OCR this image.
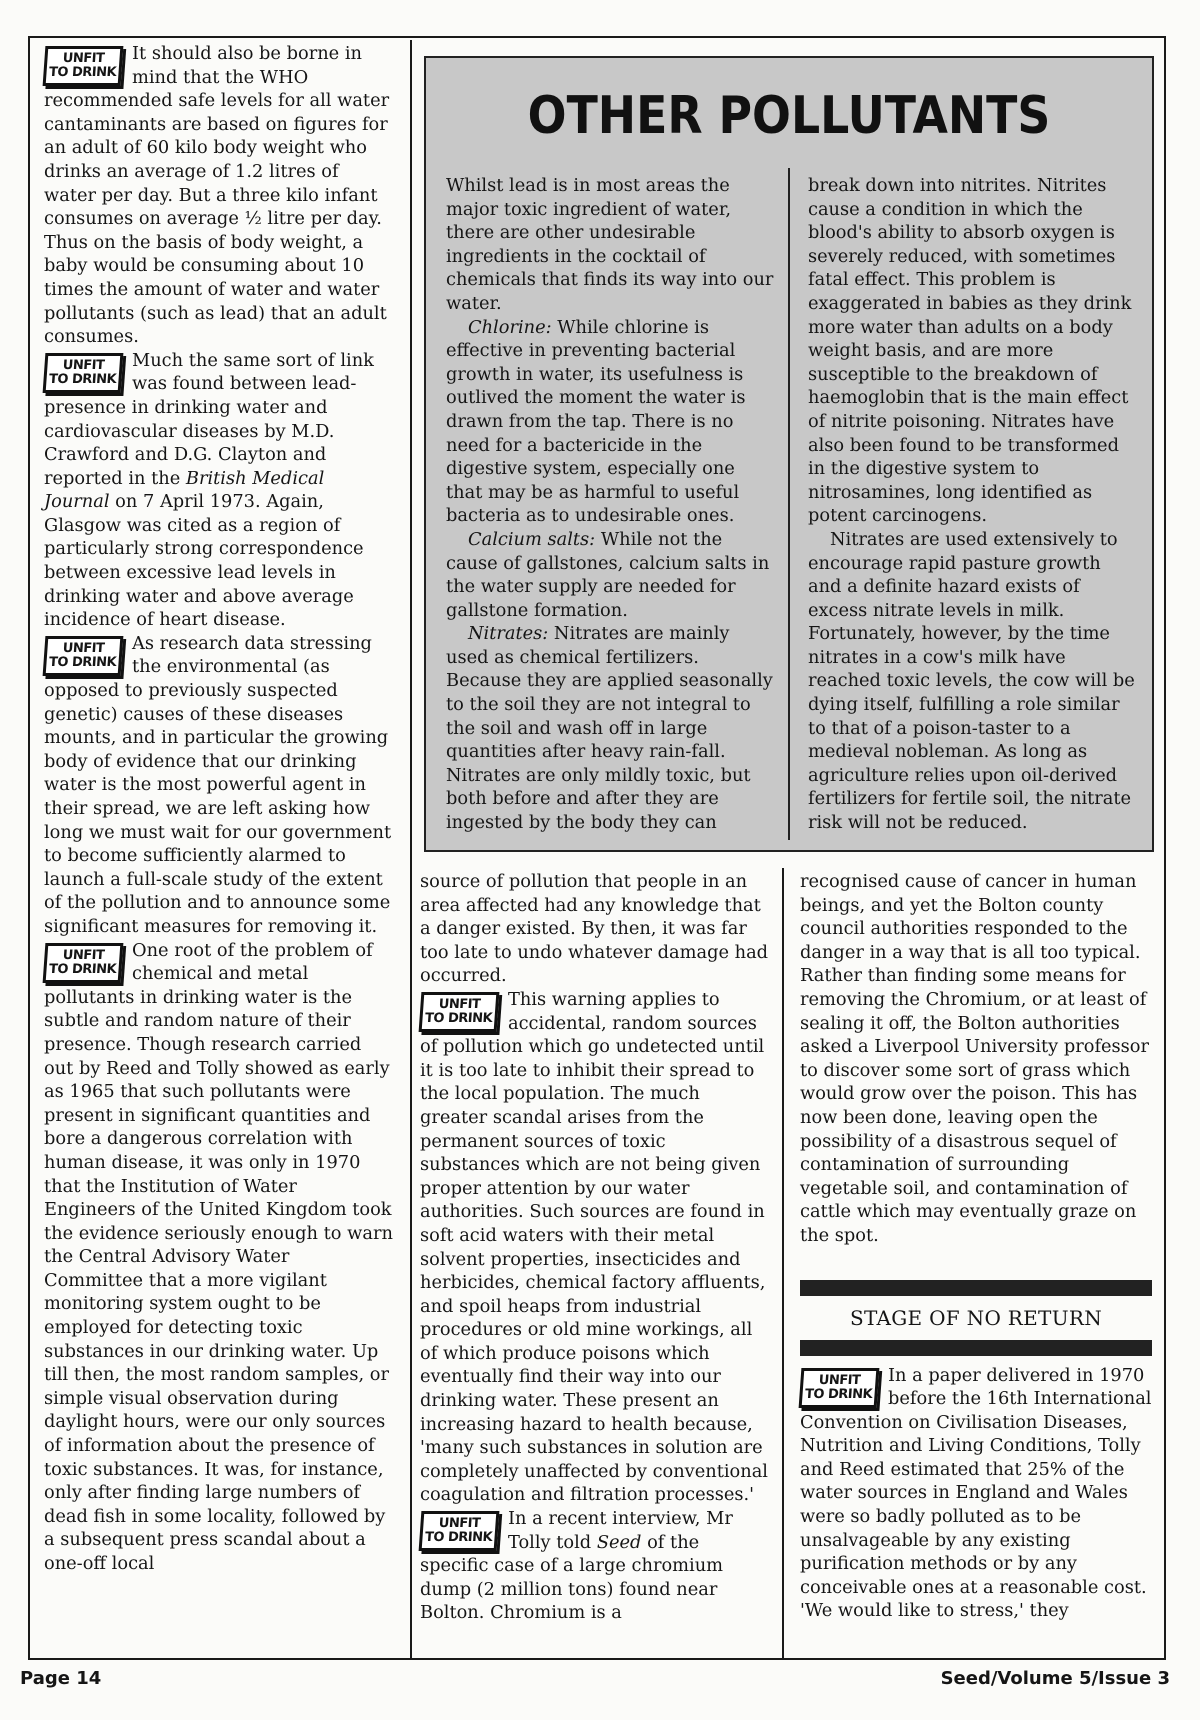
UNFIT
TO DRINK
It should also be borne in mind that the WHO recommended safe levels for all water cantaminants are based on figures for an adult of 60 kilo body weight who drinks an average of 1.2 litres of water per day. But a three kilo infant consumes on average ½ litre per day. Thus on the basis of body weight, a baby would be consuming about 10 times the amount of water and water pollutants (such as lead) that an adult consumes.

UNFIT
TO DRINK
Much the same sort of link was found between lead-presence in drinking water and cardiovascular diseases by M.D. Crawford and D.G. Clayton and reported in the British Medical Journal on 7 April 1973. Again, Glasgow was cited as a region of particularly strong correspondence between excessive lead levels in drinking water and above average incidence of heart disease.

UNFIT
TO DRINK
As research data stressing the environmental (as opposed to previously suspected genetic) causes of these diseases mounts, and in particular the growing body of evidence that our drinking water is the most powerful agent in their spread, we are left asking how long we must wait for our government to become sufficiently alarmed to launch a full-scale study of the extent of the pollution and to announce some significant measures for removing it.

UNFIT
TO DRINK
One root of the problem of chemical and metal pollutants in drinking water is the subtle and random nature of their presence. Though research carried out by Reed and Tolly showed as early as 1965 that such pollutants were present in significant quantities and bore a dangerous correlation with human disease, it was only in 1970 that the Institution of Water Engineers of the United Kingdom took the evidence seriously enough to warn the Central Advisory Water Committee that a more vigilant monitoring system ought to be employed for detecting toxic substances in our drinking water. Up till then, the most random samples, or simple visual observation during daylight hours, were our only sources of information about the presence of toxic substances. It was, for instance, only after finding large numbers of dead fish in some locality, followed by a subsequent press scandal about a one-off local

OTHER POLLUTANTS

Whilst lead is in most areas the major toxic ingredient of water, there are other undesirable ingredients in the cocktail of chemicals that finds its way into our water.

Chlorine: While chlorine is effective in preventing bacterial growth in water, its usefulness is outlived the moment the water is drawn from the tap. There is no need for a bactericide in the digestive system, especially one that may be as harmful to useful bacteria as to undesirable ones.

Calcium salts: While not the cause of gallstones, calcium salts in the water supply are needed for gallstone formation.

Nitrates: Nitrates are mainly used as chemical fertilizers. Because they are applied seasonally to the soil they are not integral to the soil and wash off in large quantities after heavy rain-fall. Nitrates are only mildly toxic, but both before and after they are ingested by the body they can

break down into nitrites. Nitrites cause a condition in which the blood's ability to absorb oxygen is severely reduced, with sometimes fatal effect. This problem is exaggerated in babies as they drink more water than adults on a body weight basis, and are more susceptible to the breakdown of haemoglobin that is the main effect of nitrite poisoning. Nitrates have also been found to be transformed in the digestive system to nitrosamines, long identified as potent carcinogens.

Nitrates are used extensively to encourage rapid pasture growth and a definite hazard exists of excess nitrate levels in milk. Fortunately, however, by the time nitrates in a cow's milk have reached toxic levels, the cow will be dying itself, fulfilling a role similar to that of a poison-taster to a medieval nobleman. As long as agriculture relies upon oil-derived fertilizers for fertile soil, the nitrate risk will not be reduced.

source of pollution that people in an area affected had any knowledge that a danger existed. By then, it was far too late to undo whatever damage had occurred.

UNFIT
TO DRINK
This warning applies to accidental, random sources of pollution which go undetected until it is too late to inhibit their spread to the local population. The much greater scandal arises from the permanent sources of toxic substances which are not being given proper attention by our water authorities. Such sources are found in soft acid waters with their metal solvent properties, insecticides and herbicides, chemical factory affluents, and spoil heaps from industrial procedures or old mine workings, all of which produce poisons which eventually find their way into our drinking water. These present an increasing hazard to health because, 'many such substances in solution are completely unaffected by conventional coagulation and filtration processes.'

UNFIT
TO DRINK
In a recent interview, Mr Tolly told Seed of the specific case of a large chromium dump (2 million tons) found near Bolton. Chromium is a

recognised cause of cancer in human beings, and yet the Bolton county council authorities responded to the danger in a way that is all too typical. Rather than finding some means for removing the Chromium, or at least of sealing it off, the Bolton authorities asked a Liverpool University professor to discover some sort of grass which would grow over the poison. This has now been done, leaving open the possibility of a disastrous sequel of contamination of surrounding vegetable soil, and contamination of cattle which may eventually graze on the spot.

STAGE OF NO RETURN

UNFIT
TO DRINK
In a paper delivered in 1970 before the 16th International Convention on Civilisation Diseases, Nutrition and Living Conditions, Tolly and Reed estimated that 25% of the water sources in England and Wales were so badly polluted as to be unsalvageable by any existing purification methods or by any conceivable ones at a reasonable cost. 'We would like to stress,' they

Page 14	Seed/Volume 5/Issue 3
